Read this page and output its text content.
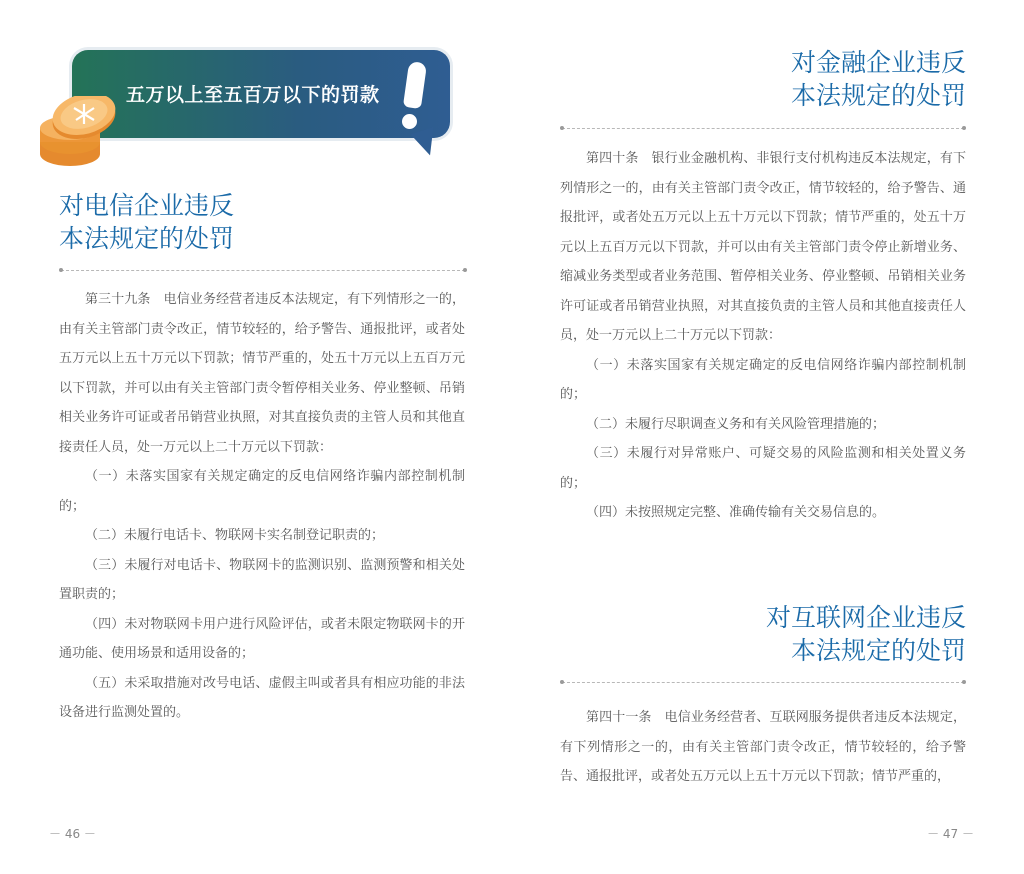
五万以上至五百万以下的罚款
对电信企业违反
本法规定的处罚

第三十九条　电信业务经营者违反本法规定，有下列情形之一的，由有关主管部门责令改正，情节较轻的，给予警告、通报批评，或者处五万元以上五十万元以下罚款；情节严重的，处五十万元以上五百万元以下罚款，并可以由有关主管部门责令暂停相关业务、停业整顿、吊销相关业务许可证或者吊销营业执照，对其直接负责的主管人员和其他直接责任人员，处一万元以上二十万元以下罚款：

（一）未落实国家有关规定确定的反电信网络诈骗内部控制机制的；

（二）未履行电话卡、物联网卡实名制登记职责的；

（三）未履行对电话卡、物联网卡的监测识别、监测预警和相关处置职责的；

（四）未对物联网卡用户进行风险评估，或者未限定物联网卡的开通功能、使用场景和适用设备的；

（五）未采取措施对改号电话、虚假主叫或者具有相应功能的非法设备进行监测处置的。

－ 46 －
对金融企业违反
本法规定的处罚

第四十条　银行业金融机构、非银行支付机构违反本法规定，有下列情形之一的，由有关主管部门责令改正，情节较轻的，给予警告、通报批评，或者处五万元以上五十万元以下罚款；情节严重的，处五十万元以上五百万元以下罚款，并可以由有关主管部门责令停止新增业务、缩减业务类型或者业务范围、暂停相关业务、停业整顿、吊销相关业务许可证或者吊销营业执照，对其直接负责的主管人员和其他直接责任人员，处一万元以上二十万元以下罚款：

（一）未落实国家有关规定确定的反电信网络诈骗内部控制机制的；

（二）未履行尽职调查义务和有关风险管理措施的；

（三）未履行对异常账户、可疑交易的风险监测和相关处置义务的；

（四）未按照规定完整、准确传输有关交易信息的。

对互联网企业违反
本法规定的处罚

第四十一条　电信业务经营者、互联网服务提供者违反本法规定，有下列情形之一的，由有关主管部门责令改正，情节较轻的，给予警告、通报批评，或者处五万元以上五十万元以下罚款；情节严重的，

－ 47 －
